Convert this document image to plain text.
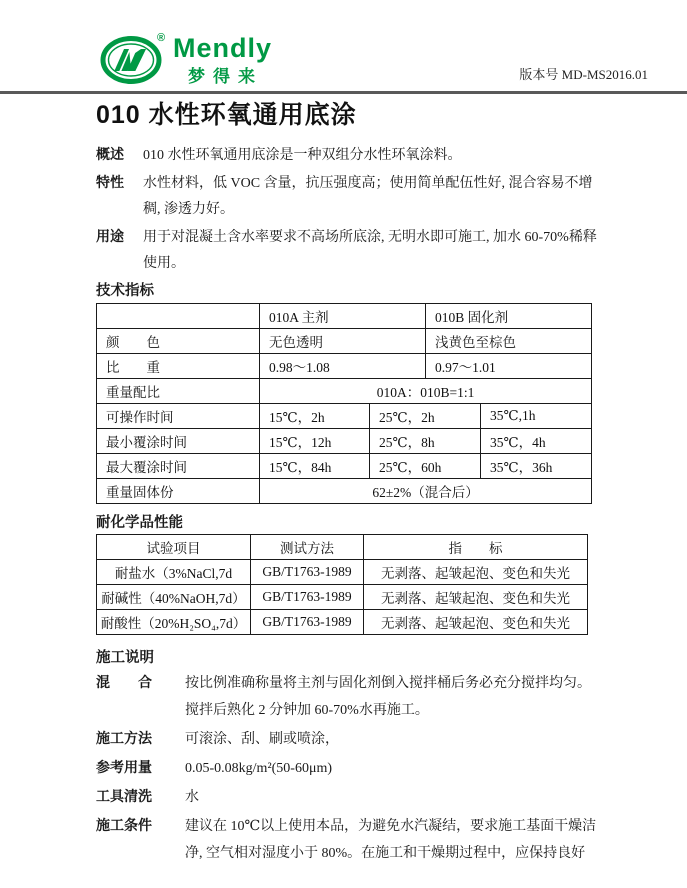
® Mendly
梦得来	版本号 MD-MS2016.01
010 水性环氧通用底涂
概述	010 水性环氧通用底涂是一种双组分水性环氧涂料。
特性	水性材料，低 VOC 含量，抗压强度高；使用简单配伍性好, 混合容易不增稠, 渗透力好。
用途	用于对混凝土含水率要求不高场所底涂, 无明水即可施工, 加水 60-70%稀释使用。
技术指标
	010A 主剂		010B 固化剂	
颜　　色	无色透明		浅黄色至棕色	
比　　重	0.98～1.08		0.97～1.01	
重量配比	010A：010B=1:1			
可操作时间	15℃，2h	25℃，2h		35℃,1h
最小覆涂时间	15℃，12h	25℃，8h		35℃，4h
最大覆涂时间	15℃，84h	25℃，60h		35℃，36h
重量固体份	62±2%（混合后）			
耐化学品性能
试验项目	测试方法	指　　标
耐盐水（3%NaCl,7d	GB/T1763-1989	无剥落、起皱起泡、变色和失光
耐碱性（40%NaOH,7d）	GB/T1763-1989	无剥落、起皱起泡、变色和失光
耐酸性（20%H₂SO₄,7d）	GB/T1763-1989	无剥落、起皱起泡、变色和失光
施工说明
混　　合	按比例准确称量将主剂与固化剂倒入搅拌桶后务必充分搅拌均匀。搅拌后熟化 2 分钟加 60-70%水再施工。
施工方法	可滚涂、刮、刷或喷涂，
参考用量	0.05-0.08kg/m²(50-60μm)
工具清洗	水
施工条件	建议在 10℃以上使用本品，为避免水汽凝结，要求施工基面干燥洁净, 空气相对湿度小于 80%。在施工和干燥期过程中，应保持良好
